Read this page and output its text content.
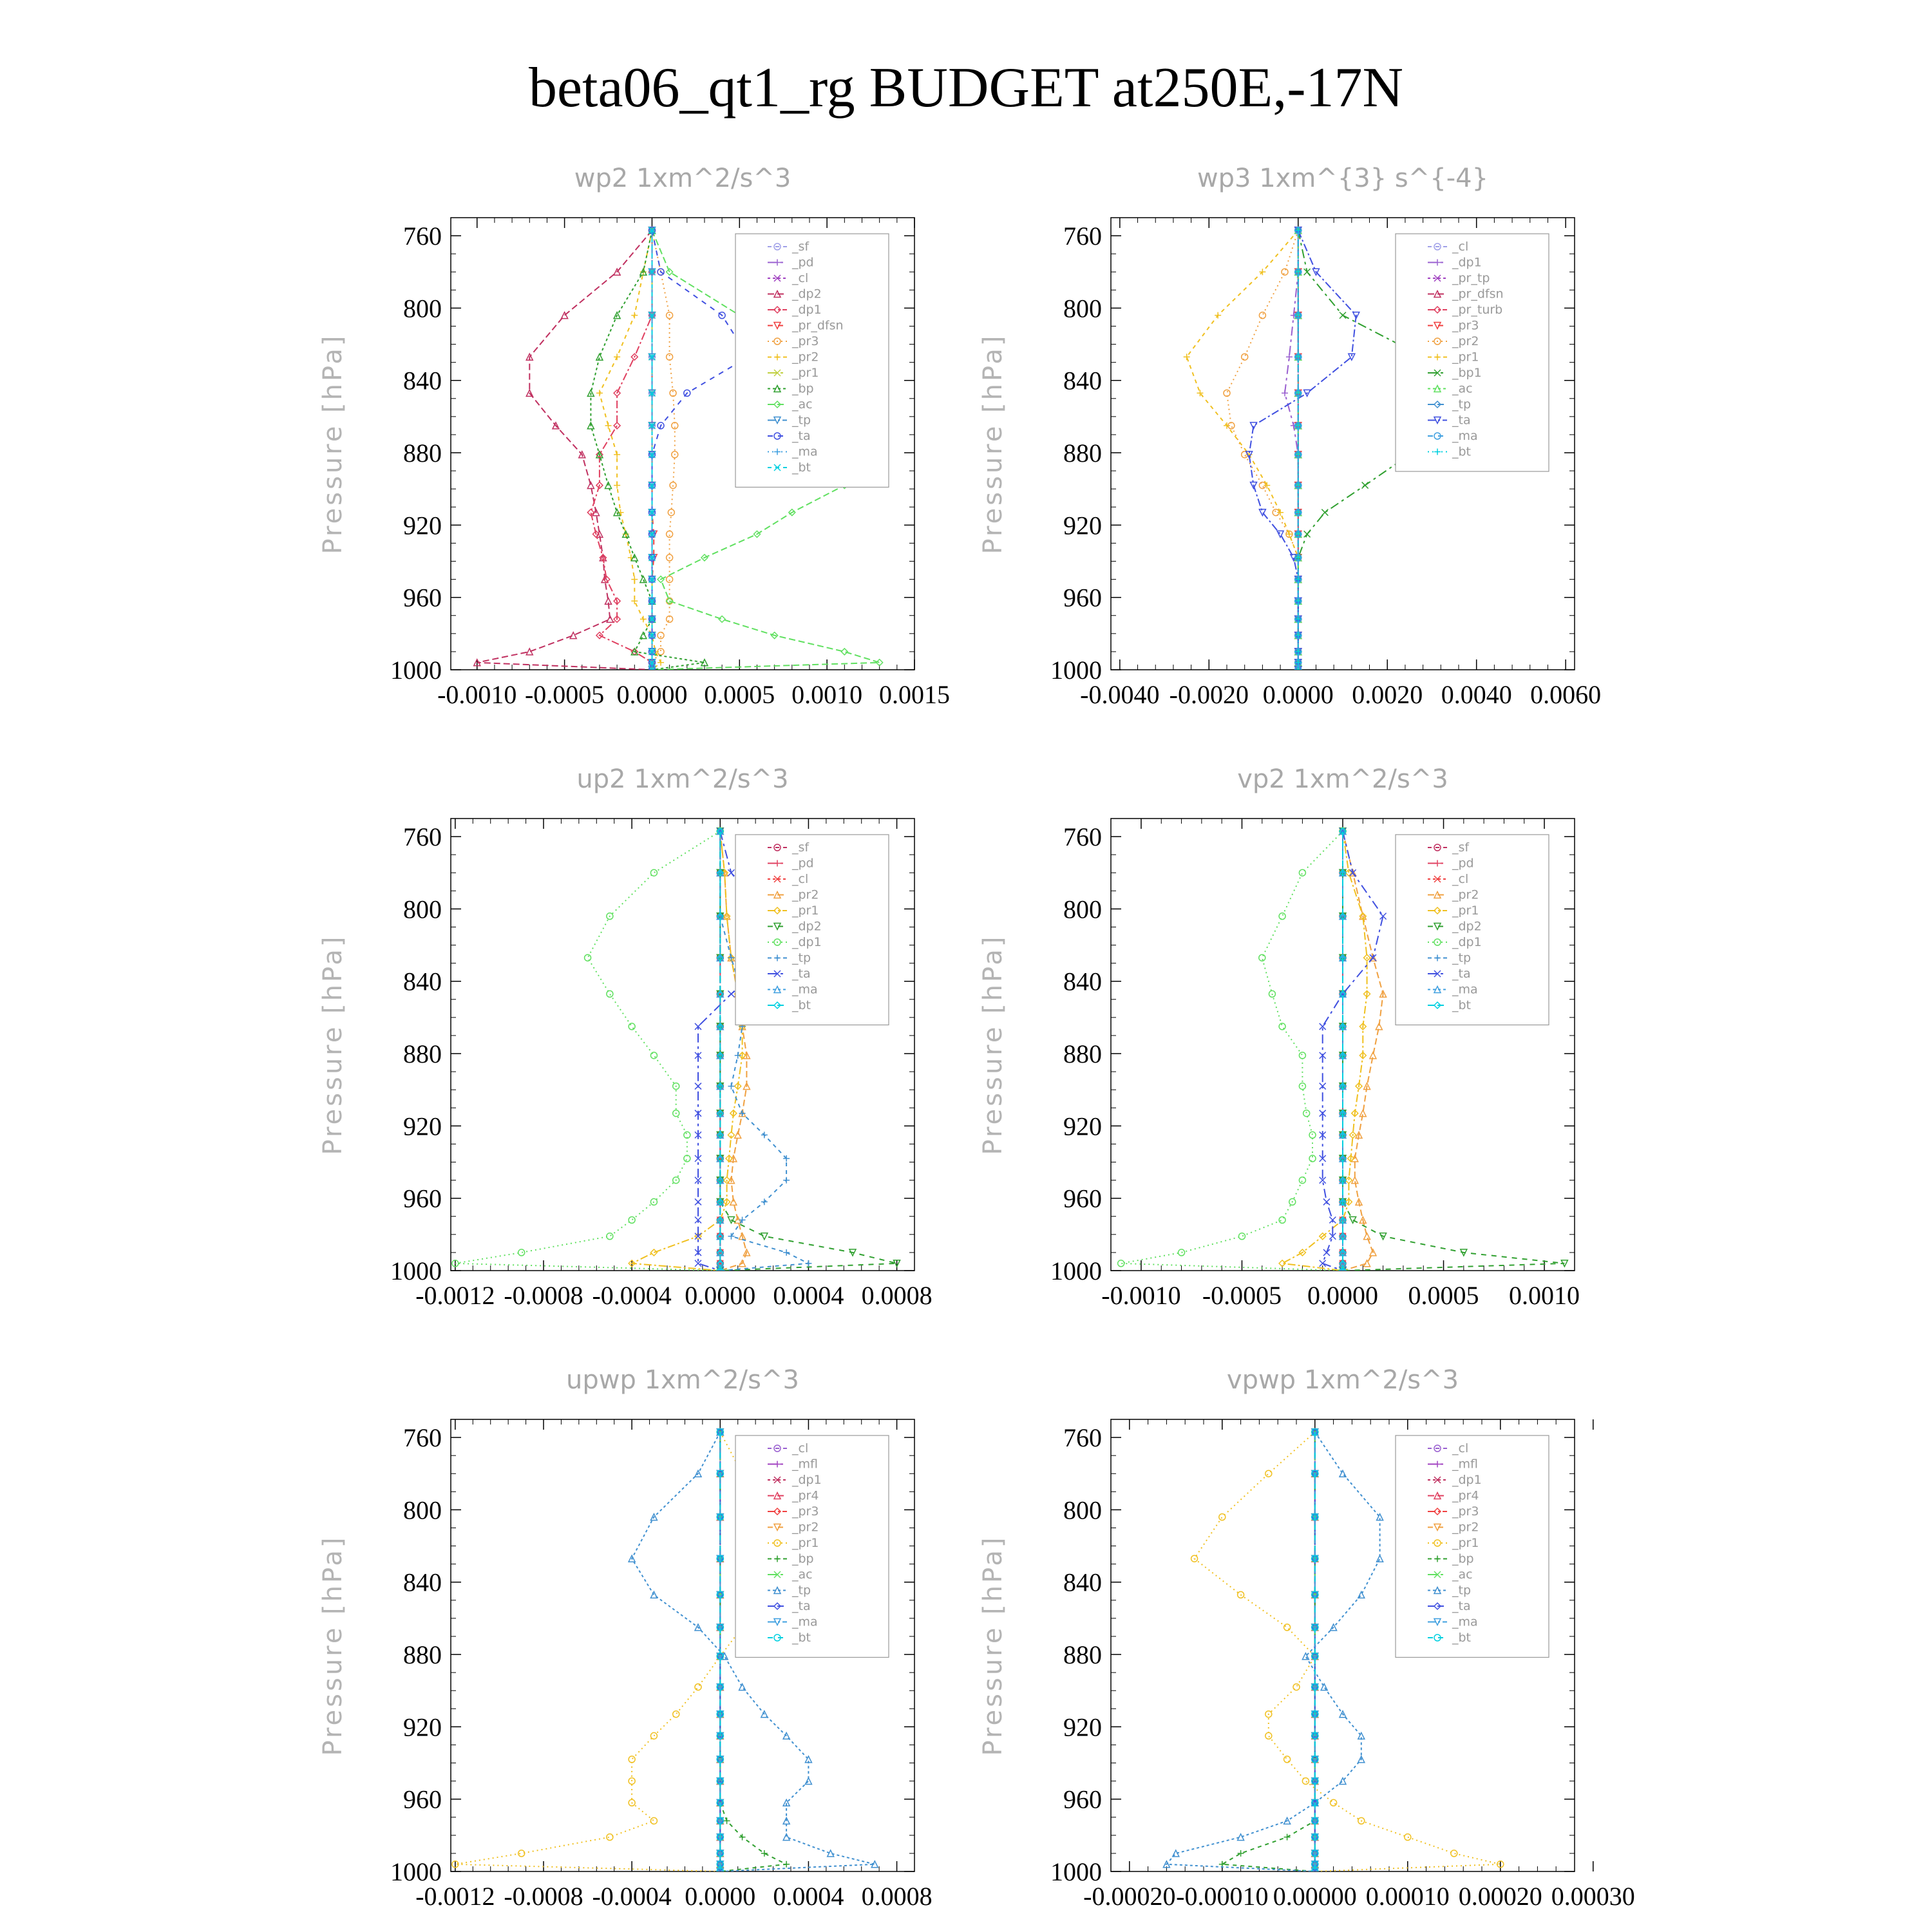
beta06_qt1_rg BUDGET at250E,-17N
wp2 1xm^2/s^3
Pressure [hPa]
760
800
840
880
920
960
1000
-0.0010 -0.0005 0.0000 0.0005 0.0010 0.0015
_sf
_pd
_cl
_dp2
_dp1
_pr_dfsn
_pr3
_pr2
_pr1
_bp
_ac
_tp
_ta
_ma
_bt
wp3 1xm^{3} s^{-4}
Pressure [hPa]
760
800
840
880
920
960
1000
-0.0040 -0.0020 0.0000 0.0020 0.0040 0.0060
_cl
_dp1
_pr_tp
_pr_dfsn
_pr_turb
_pr3
_pr2
_pr1
_bp1
_ac
_tp
_ta
_ma
_bt
up2 1xm^2/s^3
Pressure [hPa]
760
800
840
880
920
960
1000
-0.0012 -0.0008 -0.0004 0.0000 0.0004 0.0008
_sf
_pd
_cl
_pr2
_pr1
_dp2
_dp1
_tp
_ta
_ma
_bt
vp2 1xm^2/s^3
Pressure [hPa]
760
800
840
880
920
960
1000
-0.0010 -0.0005 0.0000 0.0005 0.0010
_sf
_pd
_cl
_pr2
_pr1
_dp2
_dp1
_tp
_ta
_ma
_bt
upwp 1xm^2/s^3
Pressure [hPa]
760
800
840
880
920
960
1000
-0.0012 -0.0008 -0.0004 0.0000 0.0004 0.0008
_cl
_mfl
_dp1
_pr4
_pr3
_pr2
_pr1
_bp
_ac
_tp
_ta
_ma
_bt
vpwp 1xm^2/s^3
Pressure [hPa]
760
800
840
880
920
960
1000
-0.00020 -0.00010 0.00000 0.00010 0.00020 0.00030
_cl
_mfl
_dp1
_pr4
_pr3
_pr2
_pr1
_bp
_ac
_tp
_ta
_ma
_bt
